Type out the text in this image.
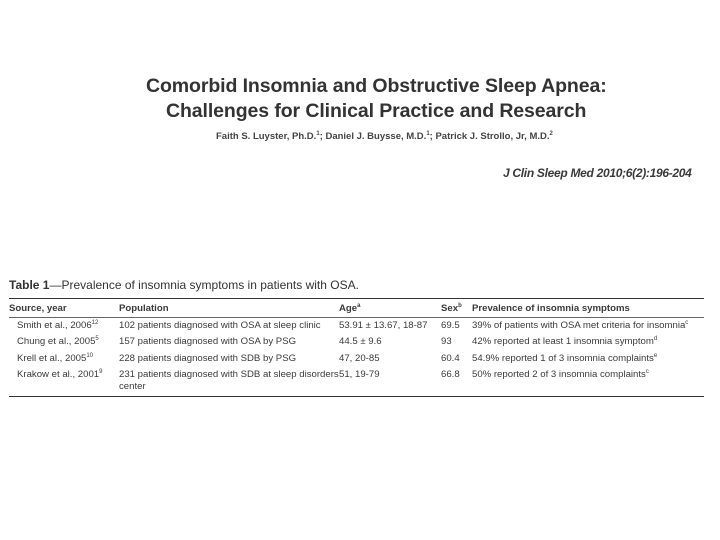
Comorbid Insomnia and Obstructive Sleep Apnea:
Challenges for Clinical Practice and Research
Faith S. Luyster, Ph.D.$^1$; Daniel J. Buysse, M.D.$^1$; Patrick J. Strollo, Jr, M.D.$^2$
J Clin Sleep Med 2010;6(2):196-204
Table 1—Prevalence of insomnia symptoms in patients with OSA.
Source, year	Population	Age$^a$	Sex$^b$	Prevalence of insomnia symptoms
Smith et al., 2006$^{12}$	102 patients diagnosed with OSA at sleep clinic	53.91 ± 13.67, 18-87	69.5	39% of patients with OSA met criteria for insomnia$^c$
Chung et al., 2005$^5$	157 patients diagnosed with OSA by PSG	44.5 ± 9.6	93	42% reported at least 1 insomnia symptom$^d$
Krell et al., 2005$^{10}$	228 patients diagnosed with SDB by PSG	47, 20-85	60.4	54.9% reported 1 of 3 insomnia complaints$^e$
Krakow et al., 2001$^9$	231 patients diagnosed with SDB at sleep disorders center	51, 19-79	66.8	50% reported 2 of 3 insomnia complaints$^c$
